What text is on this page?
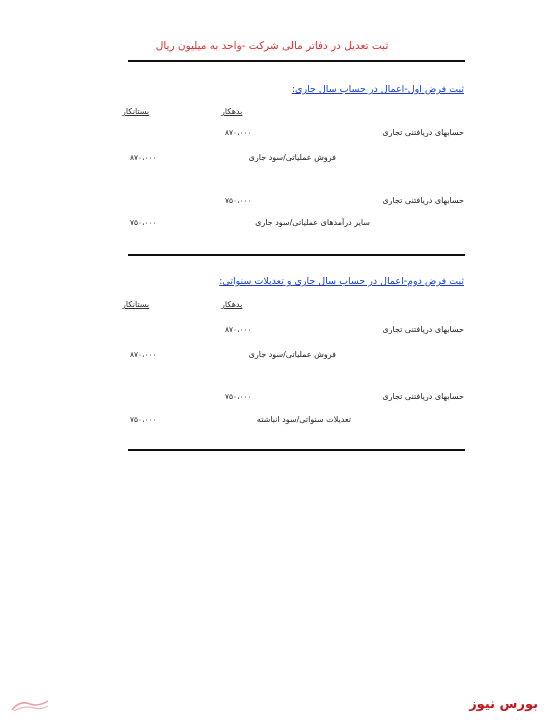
ثبت تعدیل در دفاتر مالی شرکت -واحد به میلیون ریال
ثبت فرض اول-اعمال در حساب سال جاری:
بدهکار
بستانکار
حسابهای دریافتنی تجاری
۸۷۰،۰۰۰
فروش عملیاتی/سود جاری
۸۷۰،۰۰۰
حسابهای دریافتنی تجاری
۷۵۰،۰۰۰
سایر درآمدهای عملیاتی/سود جاری
۷۵۰،۰۰۰
ثبت فرض دوم-اعمال در حساب سال جاری و تعدیلات سنواتی:
بدهکار
بستانکار
حسابهای دریافتنی تجاری
۸۷۰،۰۰۰
فروش عملیاتی/سود جاری
۸۷۰،۰۰۰
حسابهای دریافتنی تجاری
۷۵۰،۰۰۰
تعدیلات سنواتی/سود انباشته
۷۵۰،۰۰۰
بورس نیوز
